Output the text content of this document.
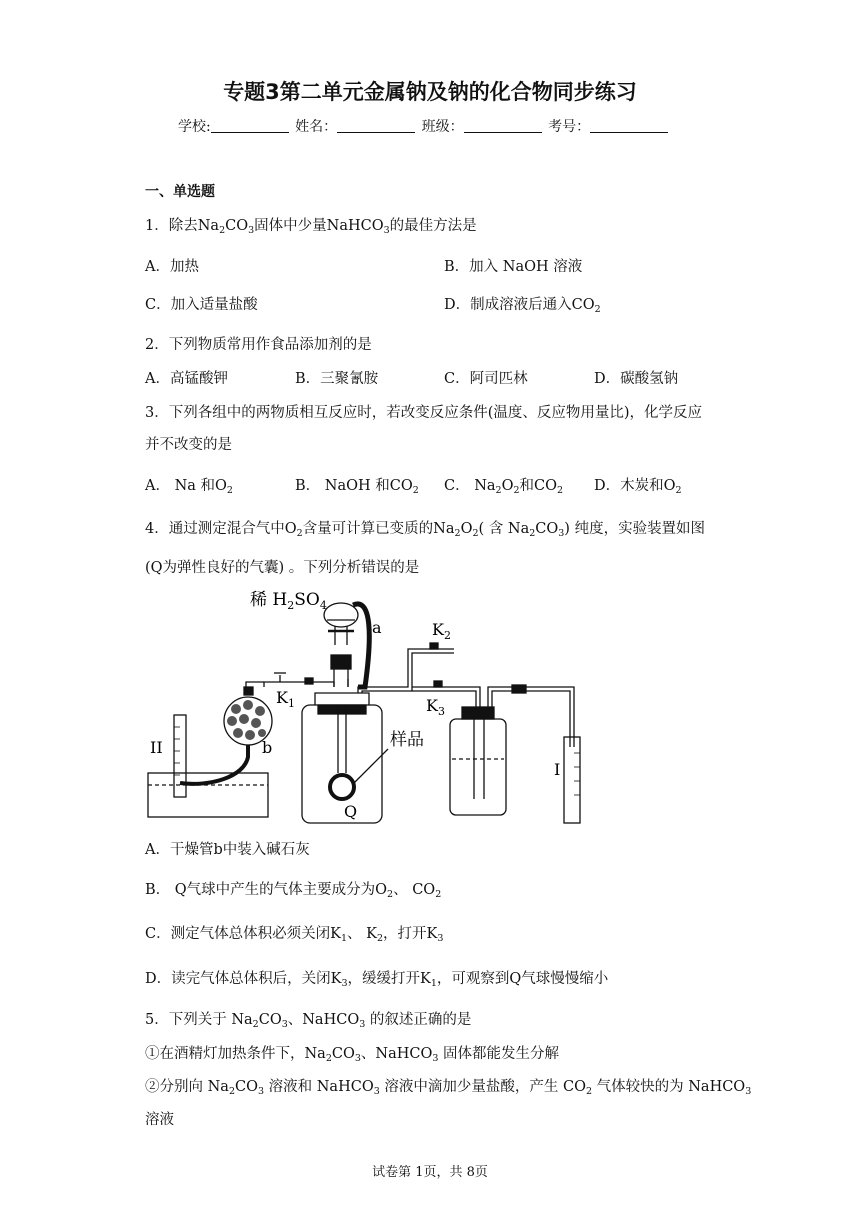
专题3第二单元金属钠及钠的化合物同步练习
学校:	姓名：	班级：	考号：
一、单选题
1．除去$Na_2CO_3$固体中少量NaHCO$_3$的最佳方法是
A．加热	B．加入 NaOH 溶液
C．加入适量盐酸	D．制成溶液后通入$CO_2$
2．下列物质常用作食品添加剂的是
A．高锰酸钾	B．三聚氰胺	C．阿司匹林	D．碳酸氢钠
3．下列各组中的两物质相互反应时，若改变反应条件(温度、反应物用量比)，化学反应
并不改变的是
A． Na 和$O_2$	B． NaOH 和$CO_2$ C． $Na_2O_2$和$CO_2$ D．木炭和$O_2$
4．通过测定混合气中$O_2$含量可计算已变质的$Na_2O_2$( 含 $Na_2CO_3$) 纯度，实验装置如图
(Q为弹性良好的气囊) 。下列分析错误的是
稀 $H_2SO_4$
a	$K_2$
$K_1$	$K_3$
II	b	样品
Q
I
A．干燥管b中装入碱石灰
B． Q气球中产生的气体主要成分为$O_2$、 $CO_2$
C．测定气体总体积必须关闭$K_1$、 $K_2$，打开$K_3$
D．读完气体总体积后，关闭$K_3$，缓缓打开$K_1$，可观察到Q气球慢慢缩小
5．下列关于 $Na_2CO_3$、NaHCO$_3$ 的叙述正确的是
①在酒精灯加热条件下，$Na_2CO_3$、NaHCO$_3$ 固体都能发生分解
②分别向 $Na_2CO_3$ 溶液和 NaHCO$_3$ 溶液中滴加少量盐酸，产生 $CO_2$ 气体较快的为 NaHCO$_3$
溶液
试卷第 1页，共 8页
